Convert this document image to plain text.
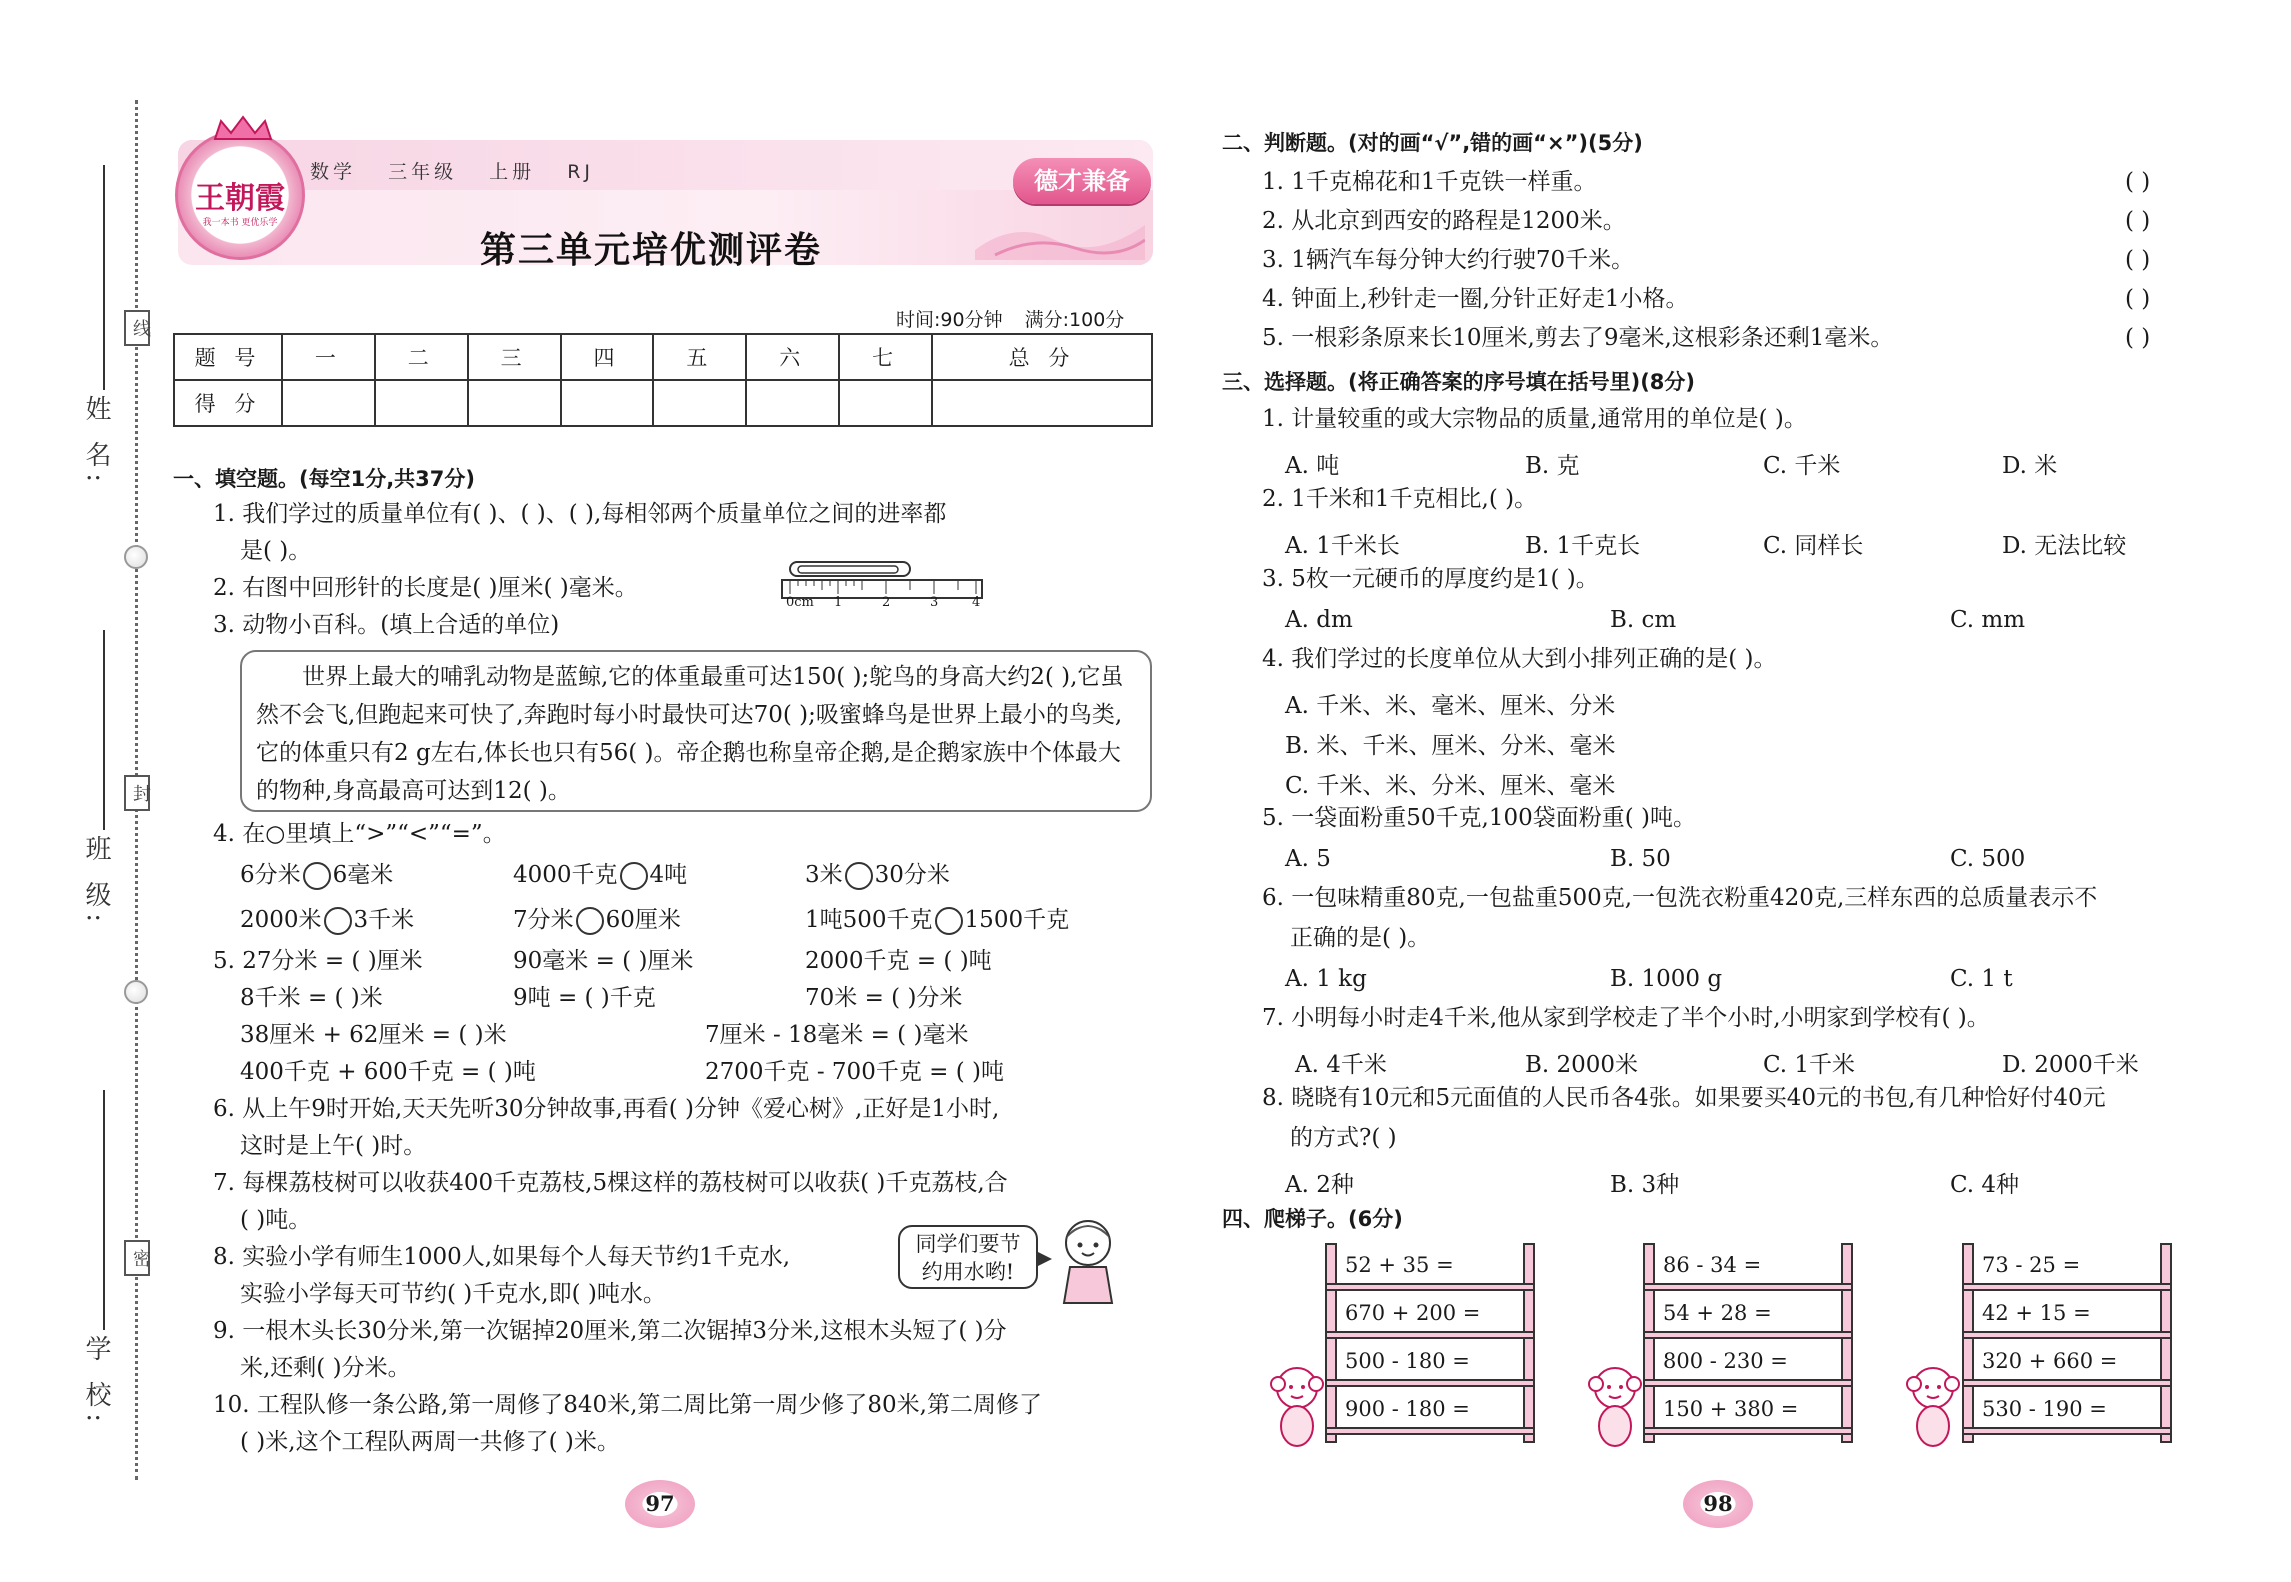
姓 名:
班 级:
学 校:
线
封
密
王朝霞
我一本书 更优乐学
数学 三年级 上册 RJ
第三单元培优测评卷
德才兼备
时间:90分钟 满分:100分
题 号	一	二	三	四	五	六	七	总 分
得 分								
一、填空题。(每空1分,共37分)
1. 我们学过的质量单位有( )、( )、( ),每相邻两个质量单位之间的进率都
是( )。
2. 右图中回形针的长度是( )厘米( )毫米。
0cm 1	2	3	4
3. 动物小百科。(填上合适的单位)
世界上最大的哺乳动物是蓝鲸,它的体重最重可达150( );鸵鸟的身高大约2( ),它虽然不会飞,但跑起来可快了,奔跑时每小时最快可达70( );吸蜜蜂鸟是世界上最小的鸟类,它的体重只有2 g左右,体长也只有56( )。帝企鹅也称皇帝企鹅,是企鹅家族中个体最大的物种,身高最高可达到12( )。
4. 在○里填上“>”“<”“=”。
6分米 6毫米	4000千克 4吨	3米 30分米
2000米 3千米	7分米 60厘米	1吨500千克 1500千克
5. 27分米 = ( )厘米	90毫米 = ( )厘米	2000千克 = ( )吨
8千米 = ( )米	9吨 = ( )千克	70米 = ( )分米
38厘米 + 62厘米 = ( )米	7厘米 - 18毫米 = ( )毫米
400千克 + 600千克 = ( )吨	2700千克 - 700千克 = ( )吨
6. 从上午9时开始,天天先听30分钟故事,再看( )分钟《爱心树》,正好是1小时,
这时是上午( )时。
7. 每棵荔枝树可以收获400千克荔枝,5棵这样的荔枝树可以收获( )千克荔枝,合
( )吨。
8. 实验小学有师生1000人,如果每个人每天节约1千克水,
实验小学每天可节约( )千克水,即( )吨水。
同学们要节约用水哟!
9. 一根木头长30分米,第一次锯掉20厘米,第二次锯掉3分米,这根木头短了( )分
米,还剩( )分米。
10. 工程队修一条公路,第一周修了840米,第二周比第一周少修了80米,第二周修了
( )米,这个工程队两周一共修了( )米。
97
二、判断题。(对的画“√”,错的画“×”)(5分)
1. 1千克棉花和1千克铁一样重。
2. 从北京到西安的路程是1200米。
3. 1辆汽车每分钟大约行驶70千米。
4. 钟面上,秒针走一圈,分针正好走1小格。
5. 一根彩条原来长10厘米,剪去了9毫米,这根彩条还剩1毫米。
( )
( )
( )
( )
( )
三、选择题。(将正确答案的序号填在括号里)(8分)
1. 计量较重的或大宗物品的质量,通常用的单位是( )。
A. 吨	B. 克	C. 千米	D. 米
2. 1千米和1千克相比,( )。
A. 1千米长	B. 1千克长	C. 同样长	D. 无法比较
3. 5枚一元硬币的厚度约是1( )。
A. dm	B. cm	C. mm
4. 我们学过的长度单位从大到小排列正确的是( )。
A. 千米、米、毫米、厘米、分米
B. 米、千米、厘米、分米、毫米
C. 千米、米、分米、厘米、毫米
5. 一袋面粉重50千克,100袋面粉重( )吨。
A. 5	B. 50	C. 500
6. 一包味精重80克,一包盐重500克,一包洗衣粉重420克,三样东西的总质量表示不
正确的是( )。
A. 1 kg	B. 1000 g	C. 1 t
7. 小明每小时走4千米,他从家到学校走了半个小时,小明家到学校有( )。
A. 4千米	B. 2000米	C. 1千米	D. 2000千米
8. 晓晓有10元和5元面值的人民币各4张。如果要买40元的书包,有几种恰好付40元
的方式?( )
A. 2种	B. 3种	C. 4种
四、爬梯子。(6分)
52 + 35 =
670 + 200 =
500 - 180 =
900 - 180 =
86 - 34 =
54 + 28 =
800 - 230 =
150 + 380 =
73 - 25 =
42 + 15 =
320 + 660 =
530 - 190 =
98
